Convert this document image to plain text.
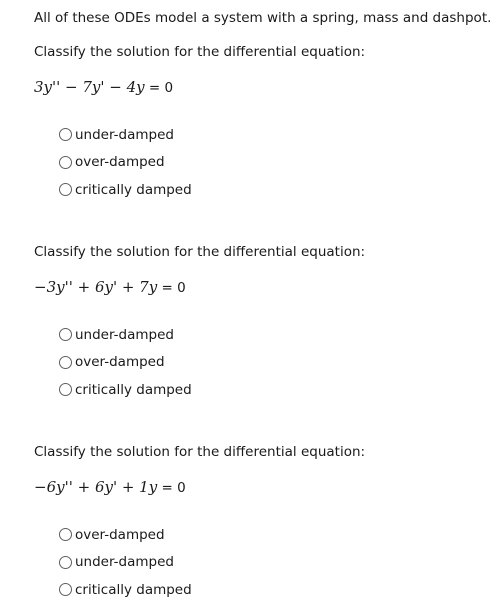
All of these ODEs model a system with a spring, mass and dashpot.
Classify the solution for the differential equation:
3y'' − 7y' − 4y = 0
under-damped
over-damped
critically damped
Classify the solution for the differential equation:
−3y'' + 6y' + 7y = 0
under-damped
over-damped
critically damped
Classify the solution for the differential equation:
−6y'' + 6y' + 1y = 0
over-damped
under-damped
critically damped
